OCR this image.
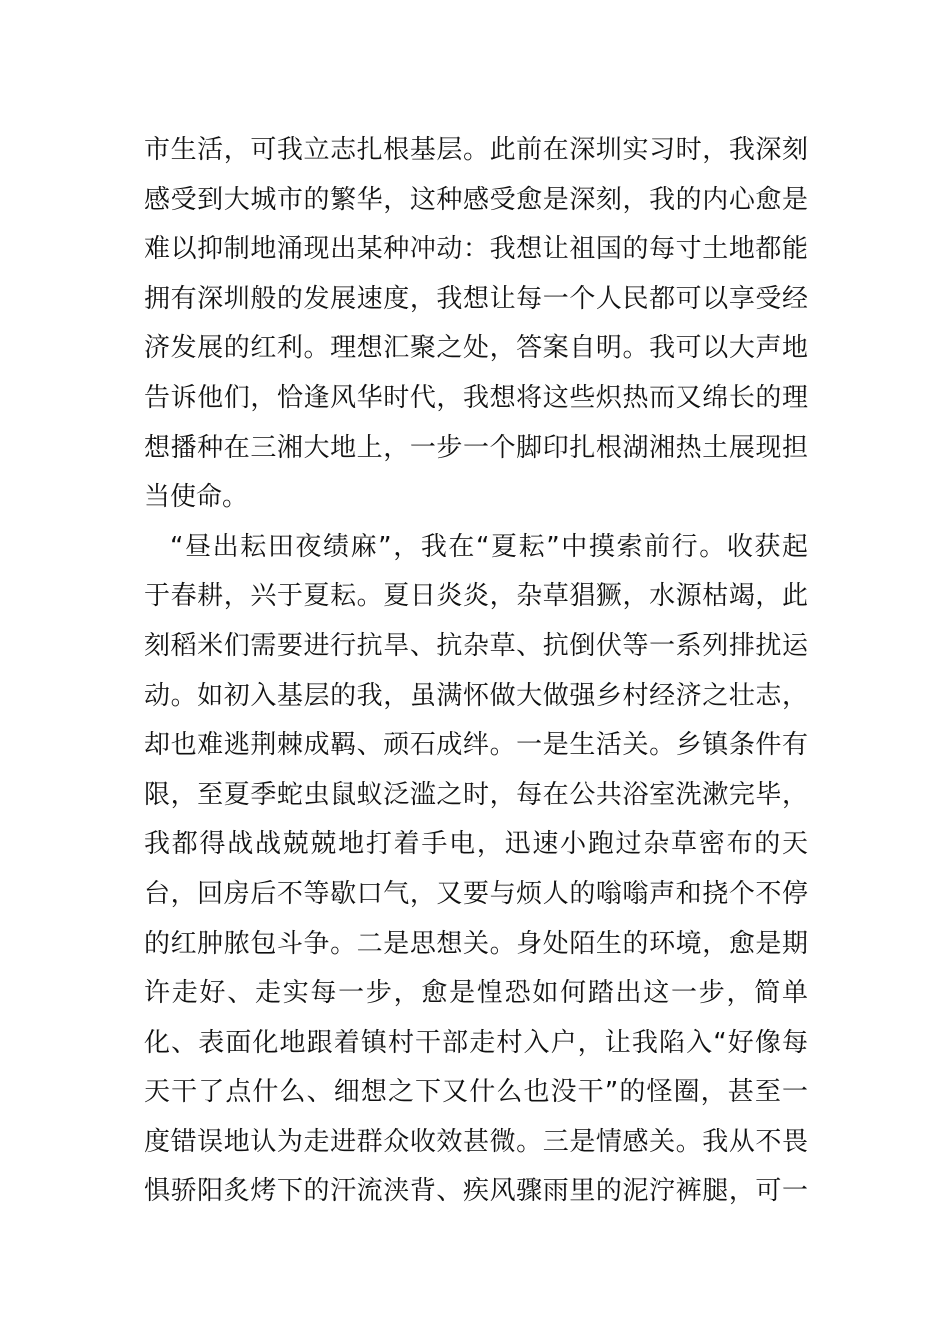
市生活，可我立志扎根基层。此前在深圳实习时，我深刻
感受到大城市的繁华，这种感受愈是深刻，我的内心愈是
难以抑制地涌现出某种冲动：我想让祖国的每寸土地都能
拥有深圳般的发展速度，我想让每一个人民都可以享受经
济发展的红利。理想汇聚之处，答案自明。我可以大声地
告诉他们，恰逢风华时代，我想将这些炽热而又绵长的理
想播种在三湘大地上，一步一个脚印扎根湖湘热土展现担
当使命。
“昼出耘田夜绩麻”，我在“夏耘”中摸索前行。收获起
于春耕，兴于夏耘。夏日炎炎，杂草猖獗，水源枯竭，此
刻稻米们需要进行抗旱、抗杂草、抗倒伏等一系列排扰运
动。如初入基层的我，虽满怀做大做强乡村经济之壮志，
却也难逃荆棘成羁、顽石成绊。一是生活关。乡镇条件有
限，至夏季蛇虫鼠蚁泛滥之时，每在公共浴室洗漱完毕，
我都得战战兢兢地打着手电，迅速小跑过杂草密布的天
台，回房后不等歇口气，又要与烦人的嗡嗡声和挠个不停
的红肿脓包斗争。二是思想关。身处陌生的环境，愈是期
许走好、走实每一步，愈是惶恐如何踏出这一步，简单
化、表面化地跟着镇村干部走村入户，让我陷入“好像每
天干了点什么、细想之下又什么也没干”的怪圈，甚至一
度错误地认为走进群众收效甚微。三是情感关。我从不畏
惧骄阳炙烤下的汗流浃背、疾风骤雨里的泥泞裤腿，可一
